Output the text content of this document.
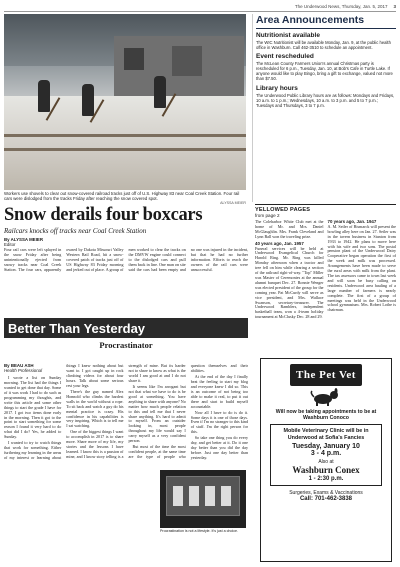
The Underwood News, Thursday, Jan. 5, 2017 3
Workers use shovels to clear out snow-covered railroad tracks just off of U.S. Highway 83 near Coal Creek Station. Four rail cars were dislodged from the tracks Friday after reaching the snow covered spot.
ALYSSA MEIER
Area Announcements
Nutritionist available
The WIC Nutritionist will be available Monday, Jan. 9, at the public health office in Washburn. Call 462-3510 to schedule an appointment.
Event rescheduled
The McLean County Farmers Union's annual Christmas party is rescheduled for 6 p.m., Tuesday, Jan. 10, at Bob's Cafe in Turtle Lake. If anyone would like to play Bingo, bring a gift to exchange, valued not more than $7.50.
Library hours
The Underwood Public Library hours are as follows: Mondays and Fridays, 10 a.m. to 1 p.m.; Wednesdays, 10 a.m. to 3 p.m. and 5 to 7 p.m.; Tuesdays and Thursdays, 3 to 7 p.m.
YELLOWED PAGES
from page 2
The Coleharbor White Club met at the home of Mr. and Mrs. Daniel McGlaughlin. Mrs. Frank Cleveland and Lynn Ball won the traveling prize.
40 years ago, Jan. 1957
Funeral services will be held at Underwood Evangelical Church for Harold Ring. Mr. Ring was killed Monday afternoon when a tractor and tree fell on him while clearing a section of the railroad right-of-way. "Top" Miller was Master of Ceremonies at the annual alumni banquet Dec. 27. Ronnie Wenger was elected president of the group for the coming year. Pat McCurdy will serve as vice president, and Mrs. Wallace Swanson, secretary-treasurer. The Underwood Ramblers, independent basketball team, won a 4-team holiday tournament at McClusky Dec. 28 and 29.
70 years ago, Jan. 1947
A. M. Seiler of Bismarck will present the bowling alley here on Jan. 27. Seiler was in the tavern business in Stanton from 1933 to 1942. He plans to move here with his wife and two sons. The postal pension plant of the Underwood Dairy Cooperative began operation the first of the week and milk was processed. Arrangements have been made to serve the rural areas with milk from the plant. The tax assessors came to town last week and will soon be busy calling on residents. Underwood area hauling of a large number of farmers is nearly complete. The first of a group of meetings was held in the Underwood school gymnasium. Mrs. Robert Lothe is chairman.
Snow derails four boxcars
Railcars knocks off tracks near Coal Creek Station
By ALYSSA MEIER
Editor
Four rail cars were left splayed in the snow Friday after being unintentionally ejected from snowy tracks near Coal Creek Station. The four cars, apparently owned by Dakota Missouri Valley Western Rail Road, hit a snow-covered patch of tracks just off of US Highway 83 Friday morning and jerked out of place. A group of men worked to clear the tracks on the DMVW engine could connect to the dislodged cars and pull them back in line. One man on site said the cars had been empty and no one was injured in the incident, but that he had no further information. Efforts to reach the owners of the rail cars were unsuccessful.
Better Than Yesterday
Procrastinator
By BEAU ASH
Health Professional

I wrote a list on Sunday morning. The list had the things I wanted to get done that day. Some of it was work I had to do such as programming my thoughts, and write this article and some other things to start the grade I have for 2017. I got two items done early in the morning. Then it got to the point to start something for some reason I found it very hard to do what did I do? Yes, he added to Sunday.

I wanted to try to watch things that work for something. Either furthering my learning in the areas of my interest or learning about things I knew nothing about but want to. I got caught up in rock climbing videos for about four hours. Talk about some serious rest your legs.

There's the guy named Alex Honnold who climbs the hardest walls in the world without a rope. To sit back and watch a guy do his mental practice is crazy. His confidence in his capabilities is very inspiring. Which is to tell me I sat watching.

One of the biggest things I want to accomplish in 2017 is to share more. Share more of my life, my stories and the lessons I have learned. I know this is a passion of mine, and I know story telling is a strength of mine. But its harder not to share to know as what is the world I am good at and I do not share it.

It seems like I'm arrogant but not that what we have to do is be good at something. You have anything to share with anyone? No matter how much people relation to this and tell me that I never share anything. It's hard to admit to myself. From an outsider looking in, most people throughout my life would say I carry myself as a very confident person.

But most of the time the most confident people, at the same time are the type of people who question themselves and their abilities.

At the end of the day I finally beat the feeling to start my blog and everyone knew I did so. This is an outcome of not being too able to make it real, to put it out there and start to build myself accountable.

Now all I have to do is do it. Some days it is one of those days. Even if I'm no stranger to this kind of stuff. I'm the right person for this.

So take one thing you do every day, and get better at it. Do it one day better than you did the day before. Just one day better than yesterday.

Procrastination is not a lifestyle. It's just a choice.
The Pet Vet
Will now be taking appointments to be at Washburn Conoco
Mobile Veterinary Clinic will be in Underwood at Sofia's Fancies
Tuesday, January 10
3 - 4 p.m.
Also at
Washburn Conex
1 - 2:30 p.m.
Surgeries, Exams & Vaccinations
Call: 701-462-3838
